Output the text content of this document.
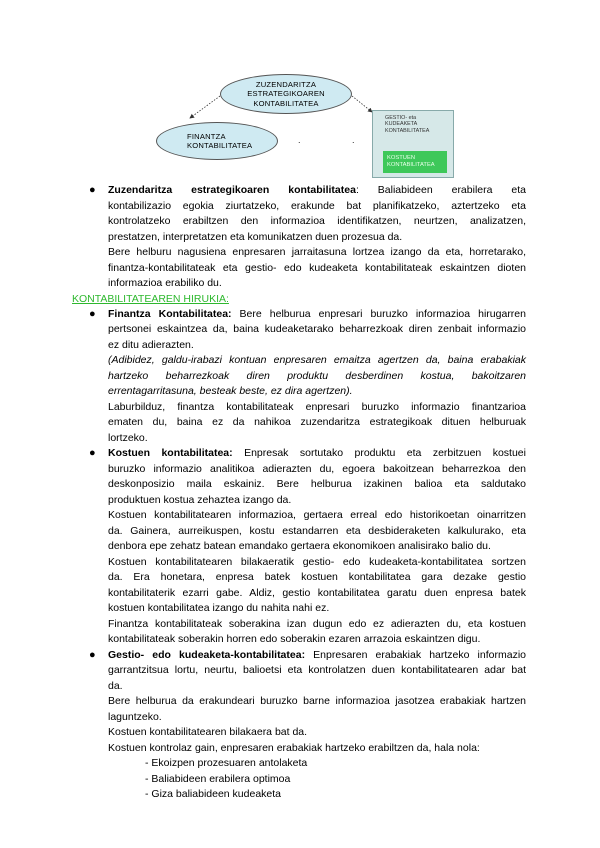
ZUZENDARITZA
ESTRATEGIKOAREN
KONTABILITATEA
FINANTZA
KONTABILITATEA
.	.
GESTIO- eta
KUDEAKETA
KONTABILITATEA
KOSTUEN
KONTABILITATEA
● Zuzendaritza estrategikoaren kontabilitatea: Baliabideen erabilera eta
kontabilizazio egokia ziurtatzeko, erakunde bat planifikatzeko, aztertzeko eta
kontrolatzeko erabiltzen den informazioa identifikatzen, neurtzen, analizatzen,
prestatzen, interpretatzen eta komunikatzen duen prozesua da.
Bere helburu nagusiena enpresaren jarraitasuna lortzea izango da eta, horretarako,
finantza-kontabilitateak eta gestio- edo kudeaketa kontabilitateak eskaintzen dioten
informazioa erabiliko du.
KONTABILITATEAREN HIRUKIA:
● Finantza Kontabilitatea: Bere helburua enpresari buruzko informazioa hirugarren
pertsonei eskaintzea da, baina kudeaketarako beharrezkoak diren zenbait informazio
ez ditu adierazten.
(Adibidez, galdu-irabazi kontuan enpresaren emaitza agertzen da, baina erabakiak
hartzeko beharrezkoak diren produktu desberdinen kostua, bakoitzaren
errentagarritasuna, besteak beste, ez dira agertzen).
Laburbilduz, finantza kontabilitateak enpresari buruzko informazio finantzarioa
ematen du, baina ez da nahikoa zuzendaritza estrategikoak dituen helburuak
lortzeko.
● Kostuen kontabilitatea: Enpresak sortutako produktu eta zerbitzuen kostuei
buruzko informazio analitikoa adierazten du, egoera bakoitzean beharrezkoa den
deskonposizio maila eskainiz. Bere helburua izakinen balioa eta saldutako
produktuen kostua zehaztea izango da.
Kostuen kontabilitatearen informazioa, gertaera erreal edo historikoetan oinarritzen
da. Gainera, aurreikuspen, kostu estandarren eta desbideraketen kalkulurako, eta
denbora epe zehatz batean emandako gertaera ekonomikoen analisirako balio du.
Kostuen kontabilitatearen bilakaeratik gestio- edo kudeaketa-kontabilitatea sortzen
da. Era honetara, enpresa batek kostuen kontabilitatea gara dezake gestio
kontabilitaterik ezarri gabe. Aldiz, gestio kontabilitatea garatu duen enpresa batek
kostuen kontabilitatea izango du nahita nahi ez.
Finantza kontabilitateak soberakina izan dugun edo ez adierazten du, eta kostuen
kontabilitateak soberakin horren edo soberakin ezaren arrazoia eskaintzen digu.
● Gestio- edo kudeaketa-kontabilitatea: Enpresaren erabakiak hartzeko informazio
garrantzitsua lortu, neurtu, balioetsi eta kontrolatzen duen kontabilitatearen adar bat
da.
Bere helburua da erakundeari buruzko barne informazioa jasotzea erabakiak hartzen
laguntzeko.
Kostuen kontabilitatearen bilakaera bat da.
Kostuen kontrolaz gain, enpresaren erabakiak hartzeko erabiltzen da, hala nola:
- Ekoizpen prozesuaren antolaketa
- Baliabideen erabilera optimoa
- Giza baliabideen kudeaketa
